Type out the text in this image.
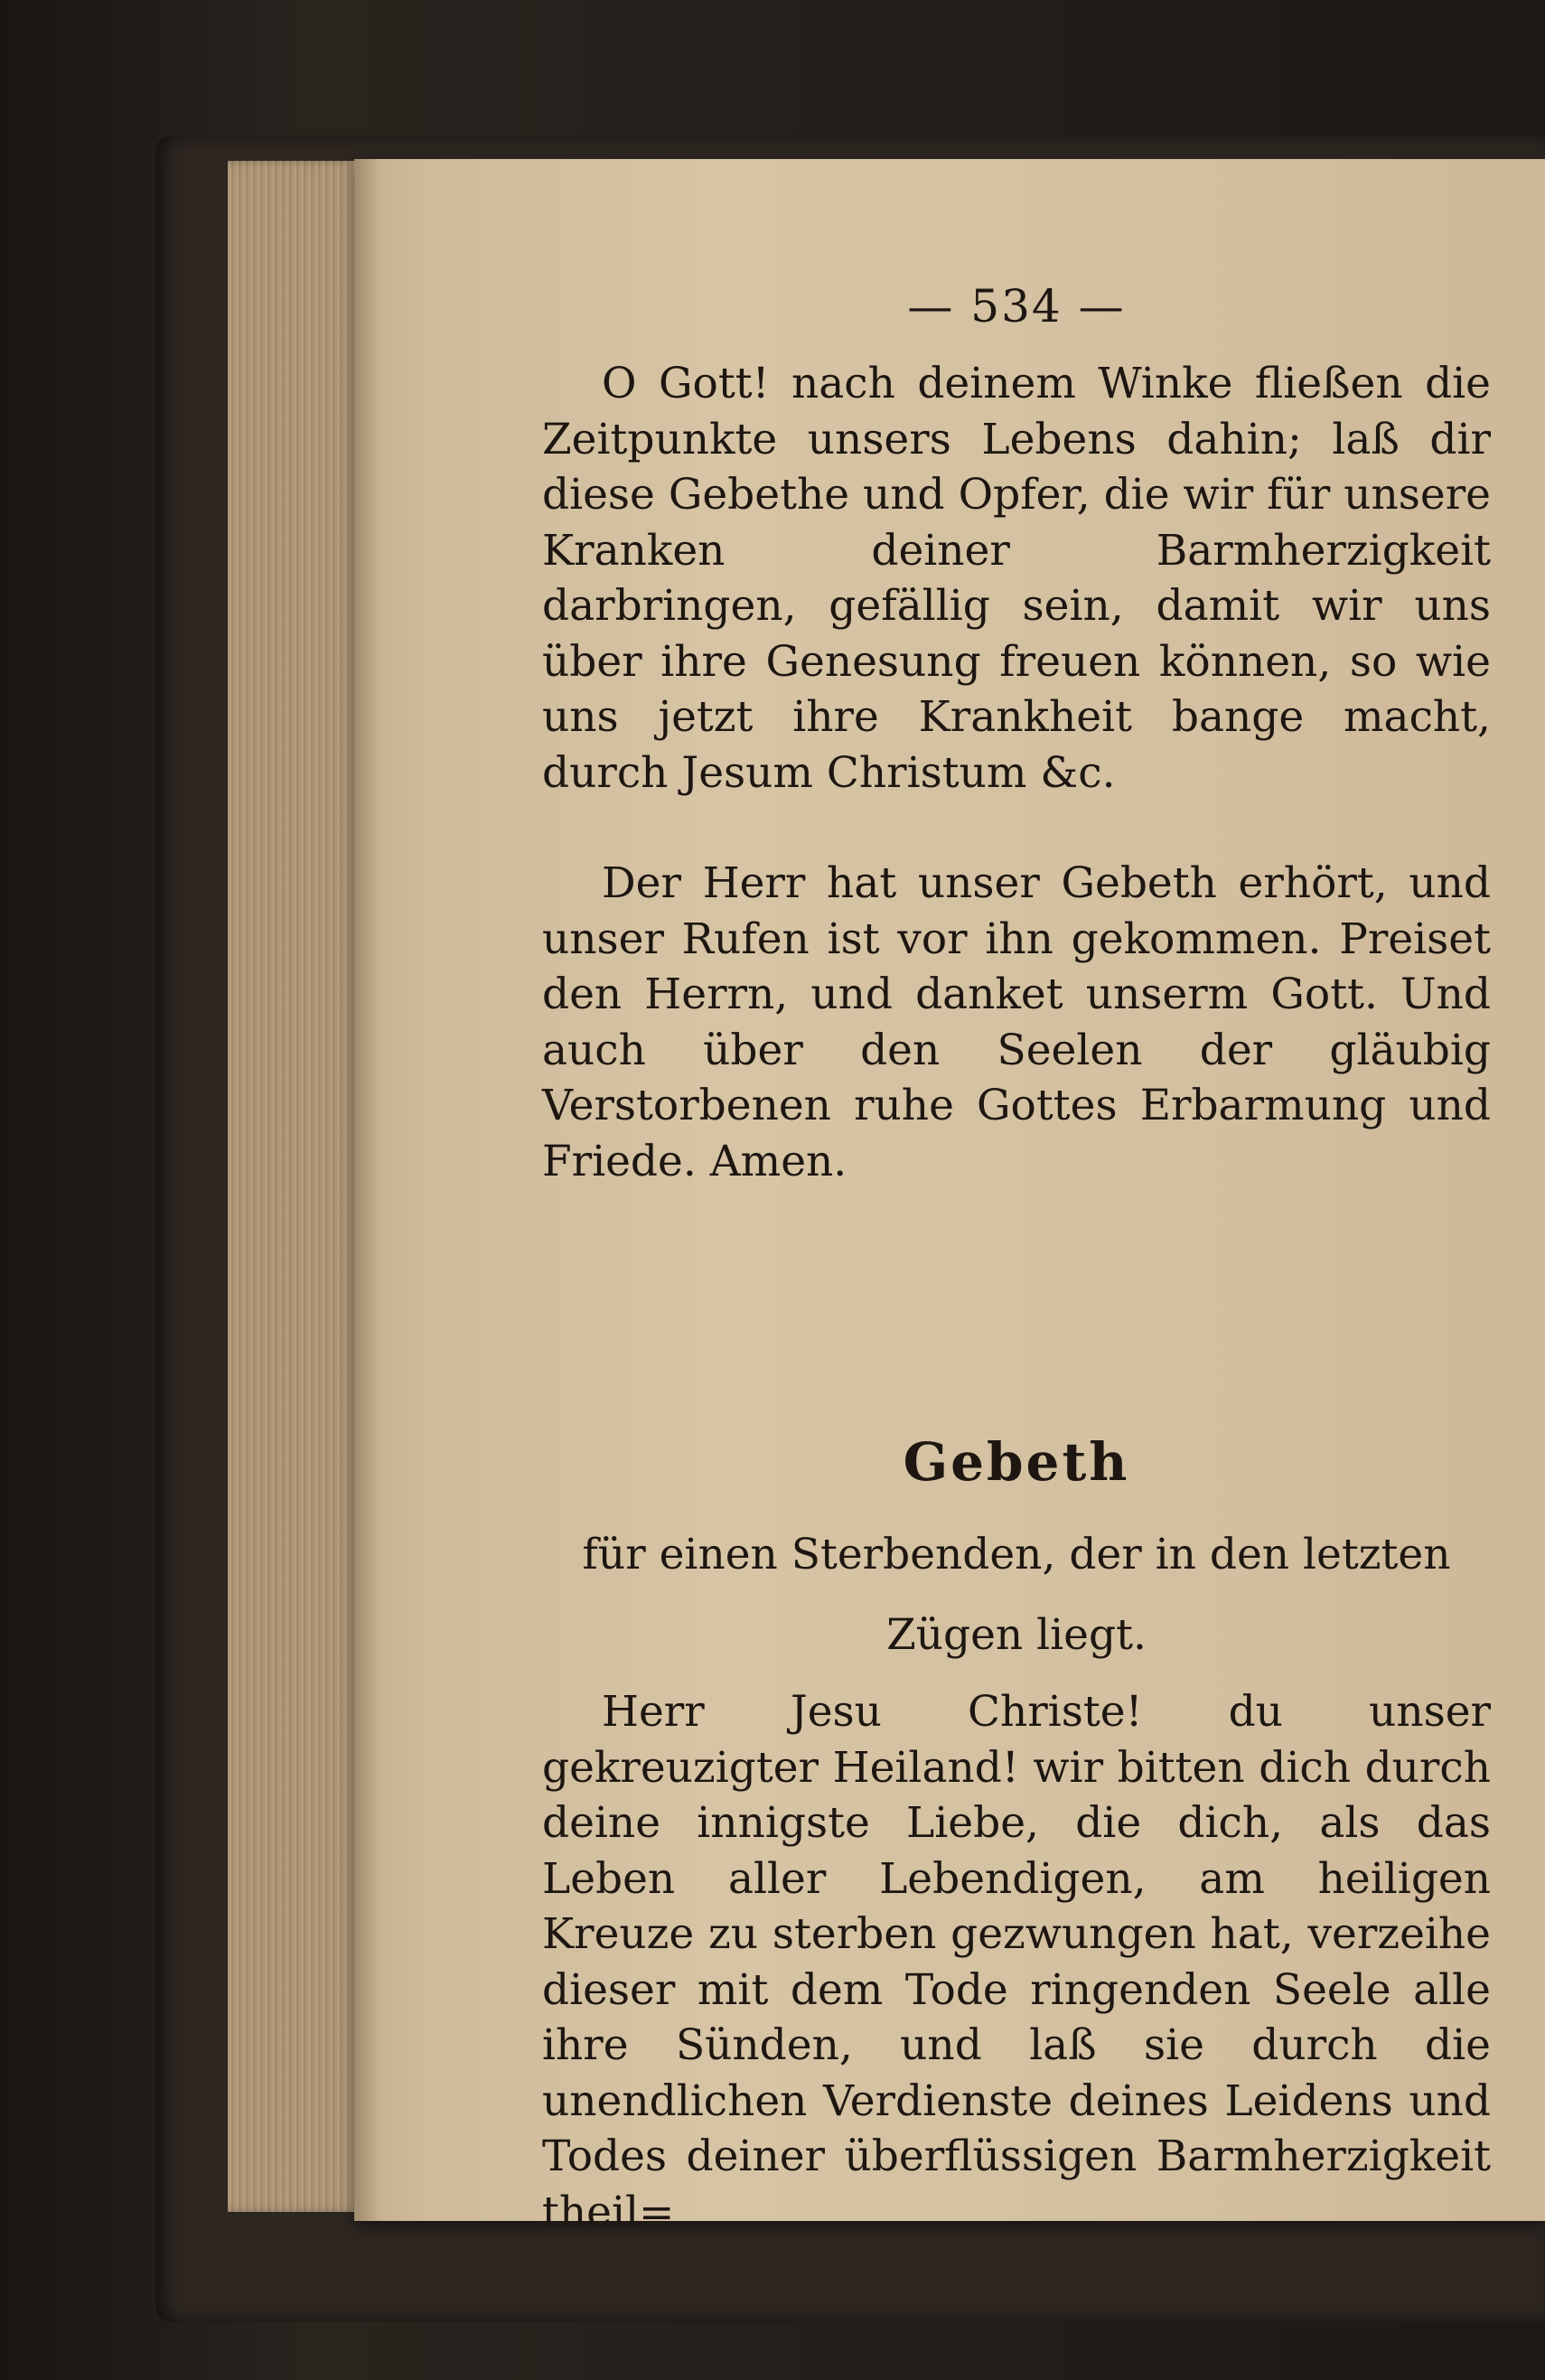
— 534 —

O Gott! nach deinem Winke fließen die Zeitpunkte unsers Lebens dahin; laß dir diese Gebethe und Opfer, die wir für unsere Kranken deiner Barmherzigkeit darbringen, gefällig sein, damit wir uns über ihre Genesung freuen können, so wie uns jetzt ihre Krankheit bange macht, durch Jesum Christum &c.

Der Herr hat unser Gebeth erhört, und unser Rufen ist vor ihn gekommen. Preiset den Herrn, und danket unserm Gott. Und auch über den Seelen der gläubig Verstorbenen ruhe Gottes Erbarmung und Friede. Amen.

Gebeth

für einen Sterbenden, der in den letzten Zügen liegt.

Herr Jesu Christe! du unser gekreuzigter Heiland! wir bitten dich durch deine innigste Liebe, die dich, als das Leben aller Lebendigen, am heiligen Kreuze zu sterben gezwungen hat, verzeihe dieser mit dem Tode ringenden Seele alle ihre Sünden, und laß sie durch die unendlichen Verdienste deines Leidens und Todes deiner überflüssigen Barmherzigkeit theil=
